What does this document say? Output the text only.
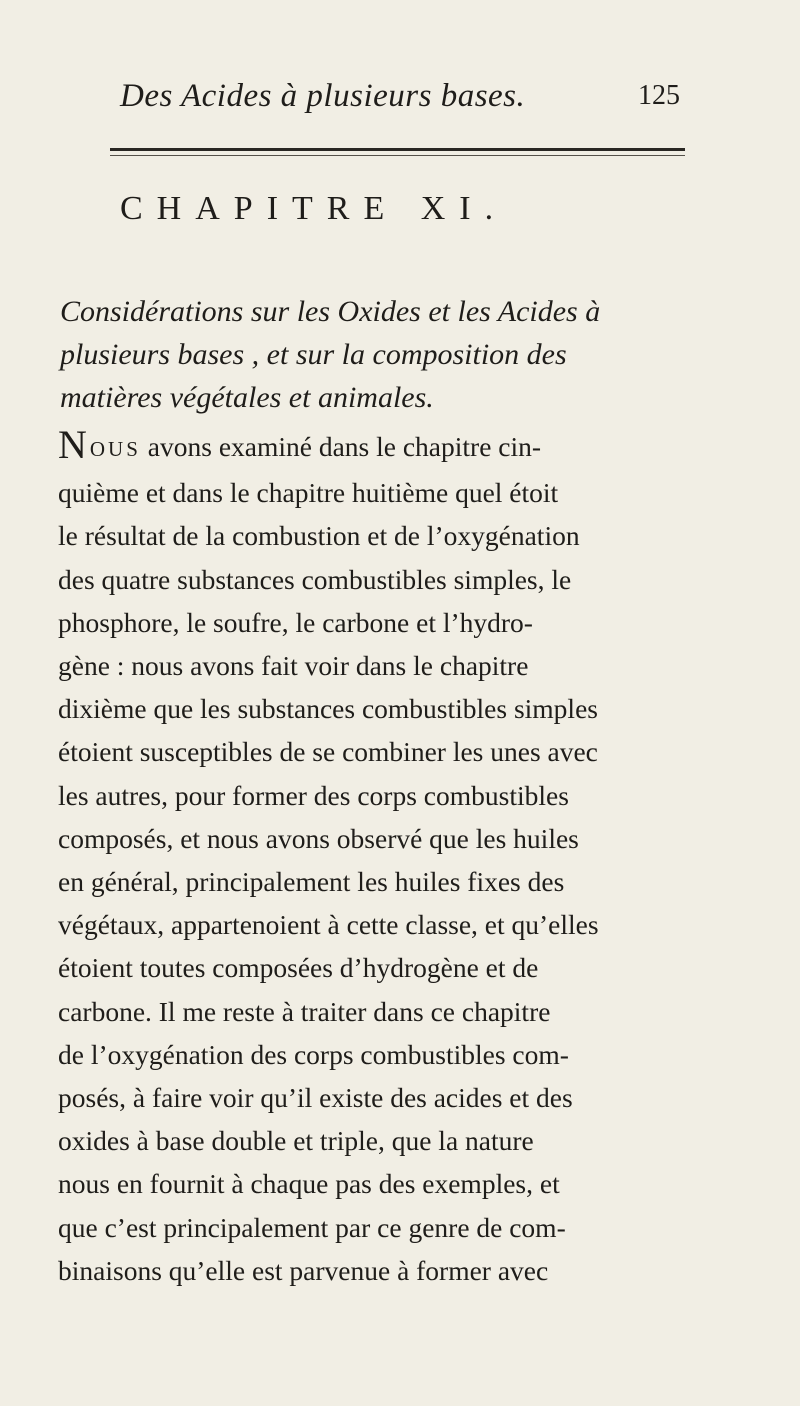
Des Acides à plusieurs bases.	125
CHAPITRE XI.
Considérations sur les Oxides et les Acides à
plusieurs bases , et sur la composition des
matières végétales et animales.
NOUS avons examiné dans le chapitre cin-
quième et dans le chapitre huitième quel étoit
le résultat de la combustion et de l’oxygénation
des quatre substances combustibles simples, le
phosphore, le soufre, le carbone et l’hydro-
gène : nous avons fait voir dans le chapitre
dixième que les substances combustibles simples
étoient susceptibles de se combiner les unes avec
les autres, pour former des corps combustibles
composés, et nous avons observé que les huiles
en général, principalement les huiles fixes des
végétaux, appartenoient à cette classe, et qu’elles
étoient toutes composées d’hydrogène et de
carbone. Il me reste à traiter dans ce chapitre
de l’oxygénation des corps combustibles com-
posés, à faire voir qu’il existe des acides et des
oxides à base double et triple, que la nature
nous en fournit à chaque pas des exemples, et
que c’est principalement par ce genre de com-
binaisons qu’elle est parvenue à former avec
